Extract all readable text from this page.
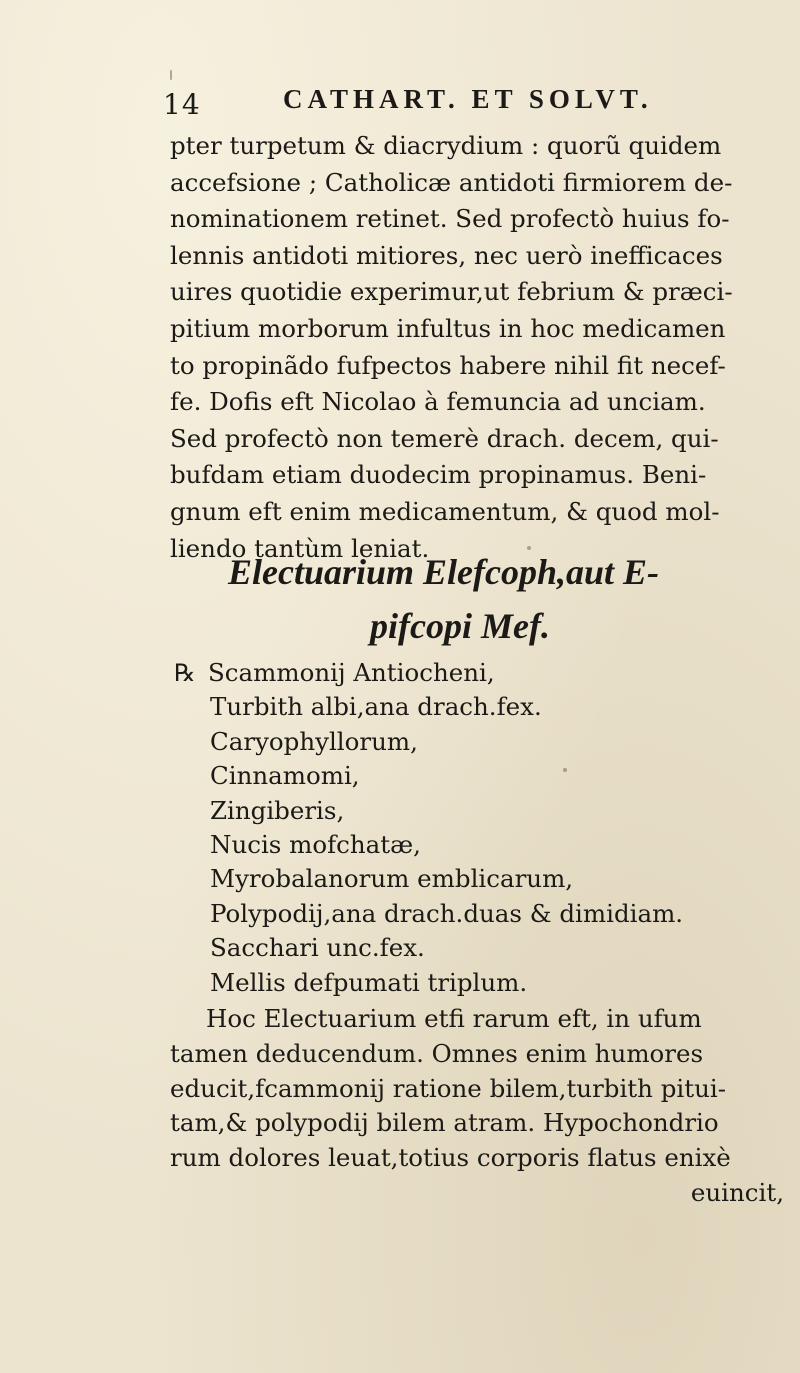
14	CATHART. ET SOLVT.
pter turpetum & diacrydium : quorũ quidem
accefsione ; Catholicæ antidoti firmiorem de-
nominationem retinet. Sed profectò huius fo-
lennis antidoti mitiores, nec uerò inefficaces
uires quotidie experimur,ut febrium & præci-
pitium morborum infultus in hoc medicamen
to propinãdo fufpectos habere nihil fit necef-
fe. Dofis eft Nicolao à femuncia ad unciam.
Sed profectò non temerè drach. decem, qui-
bufdam etiam duodecim propinamus. Beni-
gnum eft enim medicamentum, & quod mol-
liendo tantùm leniat.
Electuarium Elefcoph,aut E-
pifcopi Mef.
℞ Scammonij Antiocheni,
Turbith albi,ana drach.fex.
Caryophyllorum,
Cinnamomi,
Zingiberis,
Nucis mofchatæ,
Myrobalanorum emblicarum,
Polypodij,ana drach.duas & dimidiam.
Sacchari unc.fex.
Mellis defpumati triplum.
Hoc Electuarium etfi rarum eft, in ufum
tamen deducendum. Omnes enim humores
educit,fcammonij ratione bilem,turbith pitui-
tam,& polypodij bilem atram. Hypochondrio
rum dolores leuat,totius corporis flatus enixè
euincit,
